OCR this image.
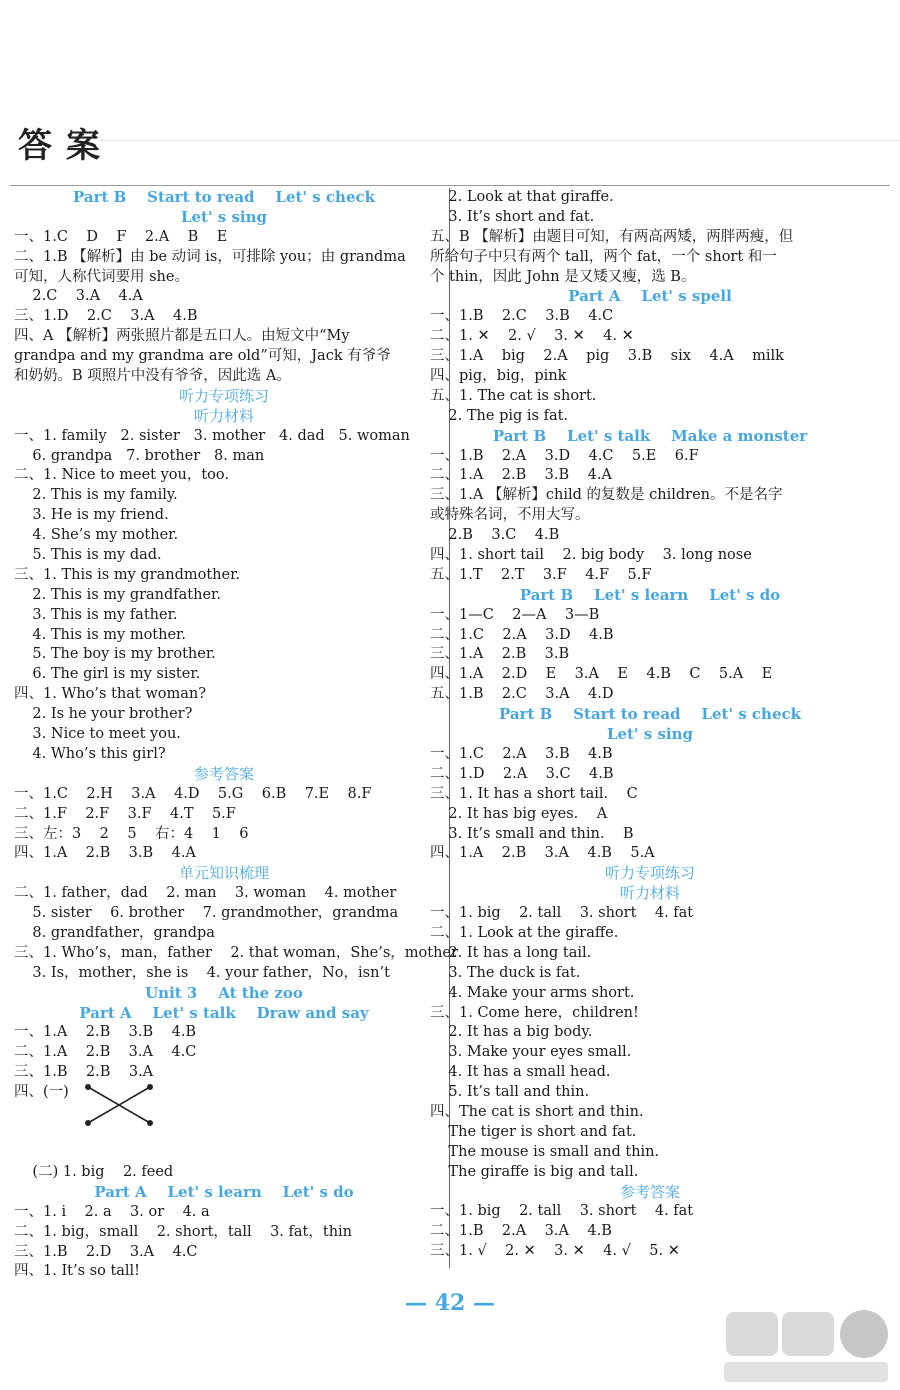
答案
Part B    Start to read    Let' s check
Let' s sing
一、1.C    D    F    2.A    B    E
二、1.B 【解析】由 be 动词 is，可排除 you；由 grandma
可知，人称代词要用 she。
2.C    3.A    4.A
三、1.D    2.C    3.A    4.B
四、A 【解析】两张照片都是五口人。由短文中“My
grandpa and my grandma are old”可知，Jack 有爷爷
和奶奶。B 项照片中没有爷爷，因此选 A。
听力专项练习
听力材料
一、1. family   2. sister   3. mother   4. dad   5. woman
6. grandpa   7. brother   8. man
二、1. Nice to meet you，too.
2. This is my family.
3. He is my friend.
4. She’s my mother.
5. This is my dad.
三、1. This is my grandmother.
2. This is my grandfather.
3. This is my father.
4. This is my mother.
5. The boy is my brother.
6. The girl is my sister.
四、1. Who’s that woman?
2. Is he your brother?
3. Nice to meet you.
4. Who’s this girl?
参考答案
一、1.C    2.H    3.A    4.D    5.G    6.B    7.E    8.F
二、1.F    2.F    3.F    4.T    5.F
三、左：3    2    5    右：4    1    6
四、1.A    2.B    3.B    4.A
单元知识梳理
二、1. father，dad    2. man    3. woman    4. mother
5. sister    6. brother    7. grandmother，grandma
8. grandfather，grandpa
三、1. Who’s，man，father    2. that woman，She’s，mother
3. Is，mother，she is    4. your father，No，isn’t
Unit 3    At the zoo
Part A    Let' s talk    Draw and say
一、1.A    2.B    3.B    4.B
二、1.A    2.B    3.A    4.C
三、1.B    2.B    3.A
四、(一)
(二) 1. big    2. feed
Part A    Let' s learn    Let' s do
一、1. i    2. a    3. or    4. a
二、1. big，small    2. short，tall    3. fat，thin
三、1.B    2.D    3.A    4.C
四、1. It’s so tall!
2. Look at that giraffe.
3. It’s short and fat.
五、B 【解析】由题目可知，有两高两矮，两胖两瘦，但
所给句子中只有两个 tall，两个 fat，一个 short 和一
个 thin，因此 John 是又矮又瘦，选 B。
Part A    Let' s spell
一、1.B    2.C    3.B    4.C
二、1. ✕    2. √    3. ✕    4. ✕
三、1.A    big    2.A    pig    3.B    six    4.A    milk
四、pig，big，pink
五、1. The cat is short.
2. The pig is fat.
Part B    Let' s talk    Make a monster
一、1.B    2.A    3.D    4.C    5.E    6.F
二、1.A    2.B    3.B    4.A
三、1.A 【解析】child 的复数是 children。不是名字
或特殊名词，不用大写。
2.B    3.C    4.B
四、1. short tail    2. big body    3. long nose
五、1.T    2.T    3.F    4.F    5.F
Part B    Let' s learn    Let' s do
一、1—C    2—A    3—B
二、1.C    2.A    3.D    4.B
三、1.A    2.B    3.B
四、1.A    2.D    E    3.A    E    4.B    C    5.A    E
五、1.B    2.C    3.A    4.D
Part B    Start to read    Let' s check
Let' s sing
一、1.C    2.A    3.B    4.B
二、1.D    2.A    3.C    4.B
三、1. It has a short tail.    C
2. It has big eyes.    A
3. It’s small and thin.    B
四、1.A    2.B    3.A    4.B    5.A
听力专项练习
听力材料
一、1. big    2. tall    3. short    4. fat
二、1. Look at the giraffe.
2. It has a long tail.
3. The duck is fat.
4. Make your arms short.
三、1. Come here，children!
2. It has a big body.
3. Make your eyes small.
4. It has a small head.
5. It’s tall and thin.
四、The cat is short and thin.
The tiger is short and fat.
The mouse is small and thin.
The giraffe is big and tall.
参考答案
一、1. big    2. tall    3. short    4. fat
二、1.B    2.A    3.A    4.B
三、1. √    2. ✕    3. ✕    4. √    5. ✕
— 42 —
